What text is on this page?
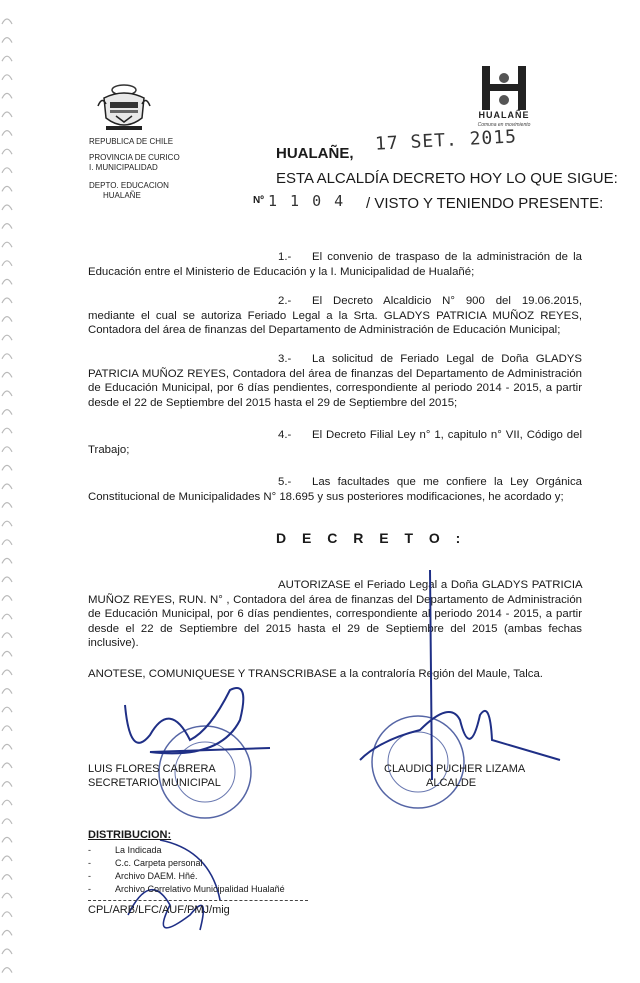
REPUBLICA DE CHILE
PROVINCIA DE CURICO
I. MUNICIPALIDAD
DEPTO. EDUCACION
HUALAÑE
HUALAÑE
Comuna en movimiento
HUALAÑE, 17 SET. 2015
ESTA ALCALDÍA DECRETO HOY LO QUE SIGUE:
Nº 1 1 0 4 / VISTO Y TENIENDO PRESENTE:
1.- El convenio de traspaso de la administración de la Educación entre el Ministerio de Educación y la I. Municipalidad de Hualañé;
2.- El Decreto Alcaldicio N° 900 del 19.06.2015, mediante el cual se autoriza Feriado Legal a la Srta. GLADYS PATRICIA MUÑOZ REYES, Contadora del área de finanzas del Departamento de Administración de Educación Municipal;
3.- La solicitud de Feriado Legal de Doña GLADYS PATRICIA MUÑOZ REYES, Contadora del área de finanzas del Departamento de Administración de Educación Municipal, por 6 días pendientes, correspondiente al periodo 2014 - 2015, a partir desde el 22 de Septiembre del 2015 hasta el 29 de Septiembre del 2015;
4.- El Decreto Filial Ley n° 1, capitulo n° VII, Código del Trabajo;
5.- Las facultades que me confiere la Ley Orgánica Constitucional de Municipalidades N° 18.695 y sus posteriores modificaciones, he acordado y;
D E C R E T O :
AUTORIZASE el Feriado Legal a Doña GLADYS PATRICIA MUÑOZ REYES, RUN. N° , Contadora del área de finanzas del Departamento de Administración de Educación Municipal, por 6 días pendientes, correspondiente al periodo 2014 - 2015, a partir desde el 22 de Septiembre del 2015 hasta el 29 de Septiembre del 2015 (ambas fechas inclusive).
ANOTESE, COMUNIQUESE Y TRANSCRIBASE a la contraloría Región del Maule, Talca.
LUIS FLORES CABRERA
SECRETARIO MUNICIPAL
CLAUDIO PUCHER LIZAMA
ALCALDE
DISTRIBUCION:
-	La Indicada
-	C.c. Carpeta personal
-	Archivo DAEM. Hñé.
-	Archivo Correlativo Municipalidad Hualañé
CPL/ARB/LFC/AUF/PMJ/mig
